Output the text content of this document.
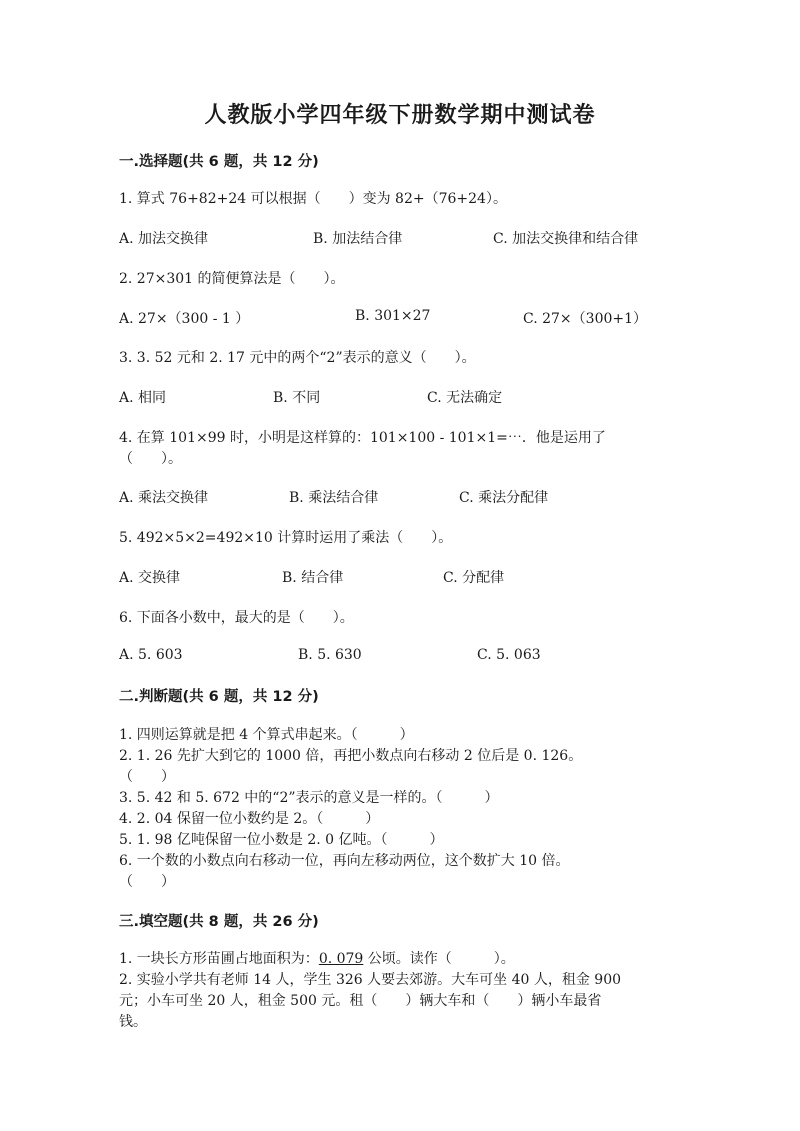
人教版小学四年级下册数学期中测试卷
一.选择题(共 6 题，共 12 分)
1. 算式 76+82+24 可以根据（　　）变为 82+（76+24）。
A. 加法交换律	B. 加法结合律	C. 加法交换律和结合律
2. 27×301 的简便算法是（　　）。
A. 27×（300 - 1 ）	B. 301×27	C. 27×（300+1）
3. 3. 52 元和 2. 17 元中的两个“2”表示的意义（　　）。
A. 相同	B. 不同	C. 无法确定
4. 在算 101×99 时，小明是这样算的：101×100 - 101×1=⋯．他是运用了
（　　）。
A. 乘法交换律	B. 乘法结合律	C. 乘法分配律
5. 492×5×2=492×10 计算时运用了乘法（　　）。
A. 交换律	B. 结合律	C. 分配律
6. 下面各小数中，最大的是（　　）。
A. 5. 603	B. 5. 630	C. 5. 063
二.判断题(共 6 题，共 12 分)
1. 四则运算就是把 4 个算式串起来。（　　　）
2. 1. 26 先扩大到它的 1000 倍，再把小数点向右移动 2 位后是 0. 126。
（　　）
3. 5. 42 和 5. 672 中的“2”表示的意义是一样的。（　　　）
4. 2. 04 保留一位小数约是 2。（　　　）
5. 1. 98 亿吨保留一位小数是 2. 0 亿吨。（　　　）
6. 一个数的小数点向右移动一位，再向左移动两位，这个数扩大 10 倍。
（　　）
三.填空题(共 8 题，共 26 分)
1. 一块长方形苗圃占地面积为：0. 079 公顷。读作（　　　）。
2. 实验小学共有老师 14 人，学生 326 人要去郊游。大车可坐 40 人，租金 900
元；小车可坐 20 人，租金 500 元。租（　　）辆大车和（　　）辆小车最省
钱。
